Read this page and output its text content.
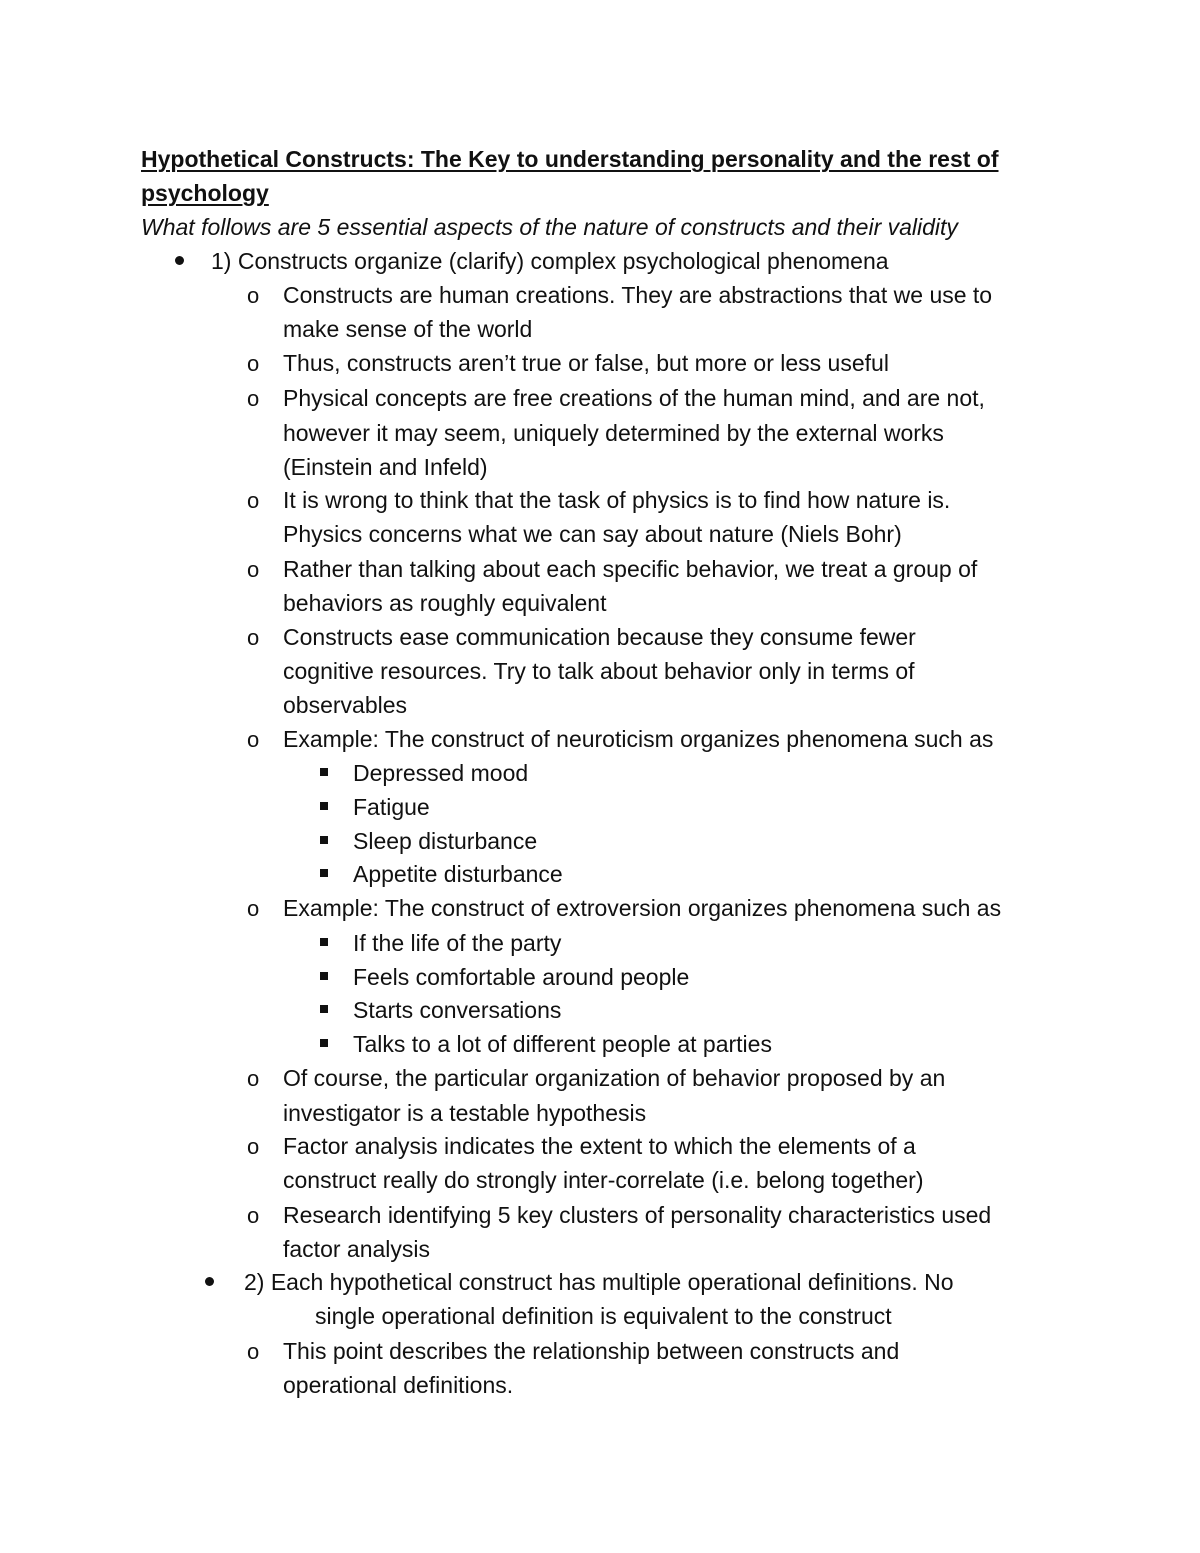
Hypothetical Constructs: The Key to understanding personality and the rest of
psychology
What follows are 5 essential aspects of the nature of constructs and their validity
1) Constructs organize (clarify) complex psychological phenomena
o Constructs are human creations. They are abstractions that we use to
make sense of the world
o Thus, constructs aren’t true or false, but more or less useful
o Physical concepts are free creations of the human mind, and are not,
however it may seem, uniquely determined by the external works
(Einstein and Infeld)
o It is wrong to think that the task of physics is to find how nature is.
Physics concerns what we can say about nature (Niels Bohr)
o Rather than talking about each specific behavior, we treat a group of
behaviors as roughly equivalent
o Constructs ease communication because they consume fewer
cognitive resources. Try to talk about behavior only in terms of
observables
o Example: The construct of neuroticism organizes phenomena such as
Depressed mood
Fatigue
Sleep disturbance
Appetite disturbance
o Example: The construct of extroversion organizes phenomena such as
If the life of the party
Feels comfortable around people
Starts conversations
Talks to a lot of different people at parties
o Of course, the particular organization of behavior proposed by an
investigator is a testable hypothesis
o Factor analysis indicates the extent to which the elements of a
construct really do strongly inter-correlate (i.e. belong together)
o Research identifying 5 key clusters of personality characteristics used
factor analysis
2) Each hypothetical construct has multiple operational definitions. No
single operational definition is equivalent to the construct
o This point describes the relationship between constructs and
operational definitions.
